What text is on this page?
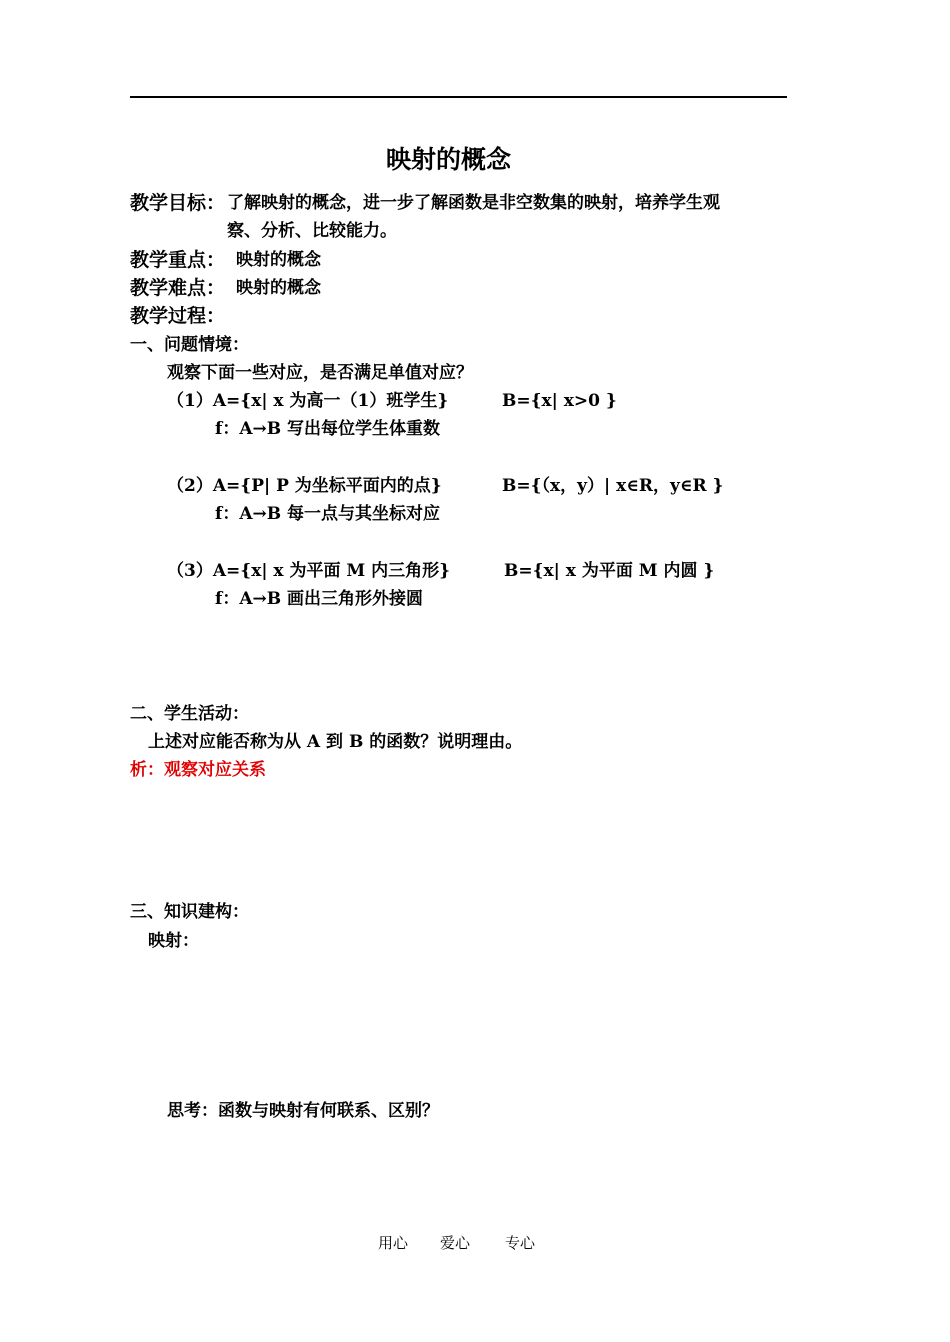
映射的概念
教学目标： 了解映射的概念，进一步了解函数是非空数集的映射，培养学生观
察、分析、比较能力。
教学重点： 映射的概念
教学难点： 映射的概念
教学过程：
一、问题情境：
观察下面一些对应，是否满足单值对应？
（1）A={x| x 为高一（1）班学生}	B={x| x>0 }
f：A→B 写出每位学生体重数
（2）A={P| P 为坐标平面内的点}	B={（x，y）| x∈R，y∈R }
f：A→B 每一点与其坐标对应
（3）A={x| x 为平面 M 内三角形}	B={x| x 为平面 M 内圆 }
f：A→B 画出三角形外接圆
二、学生活动：
上述对应能否称为从 A 到 B 的函数？说明理由。
析：观察对应关系
三、知识建构：
映射：
思考：函数与映射有何联系、区别？
用心 爱心 专心
